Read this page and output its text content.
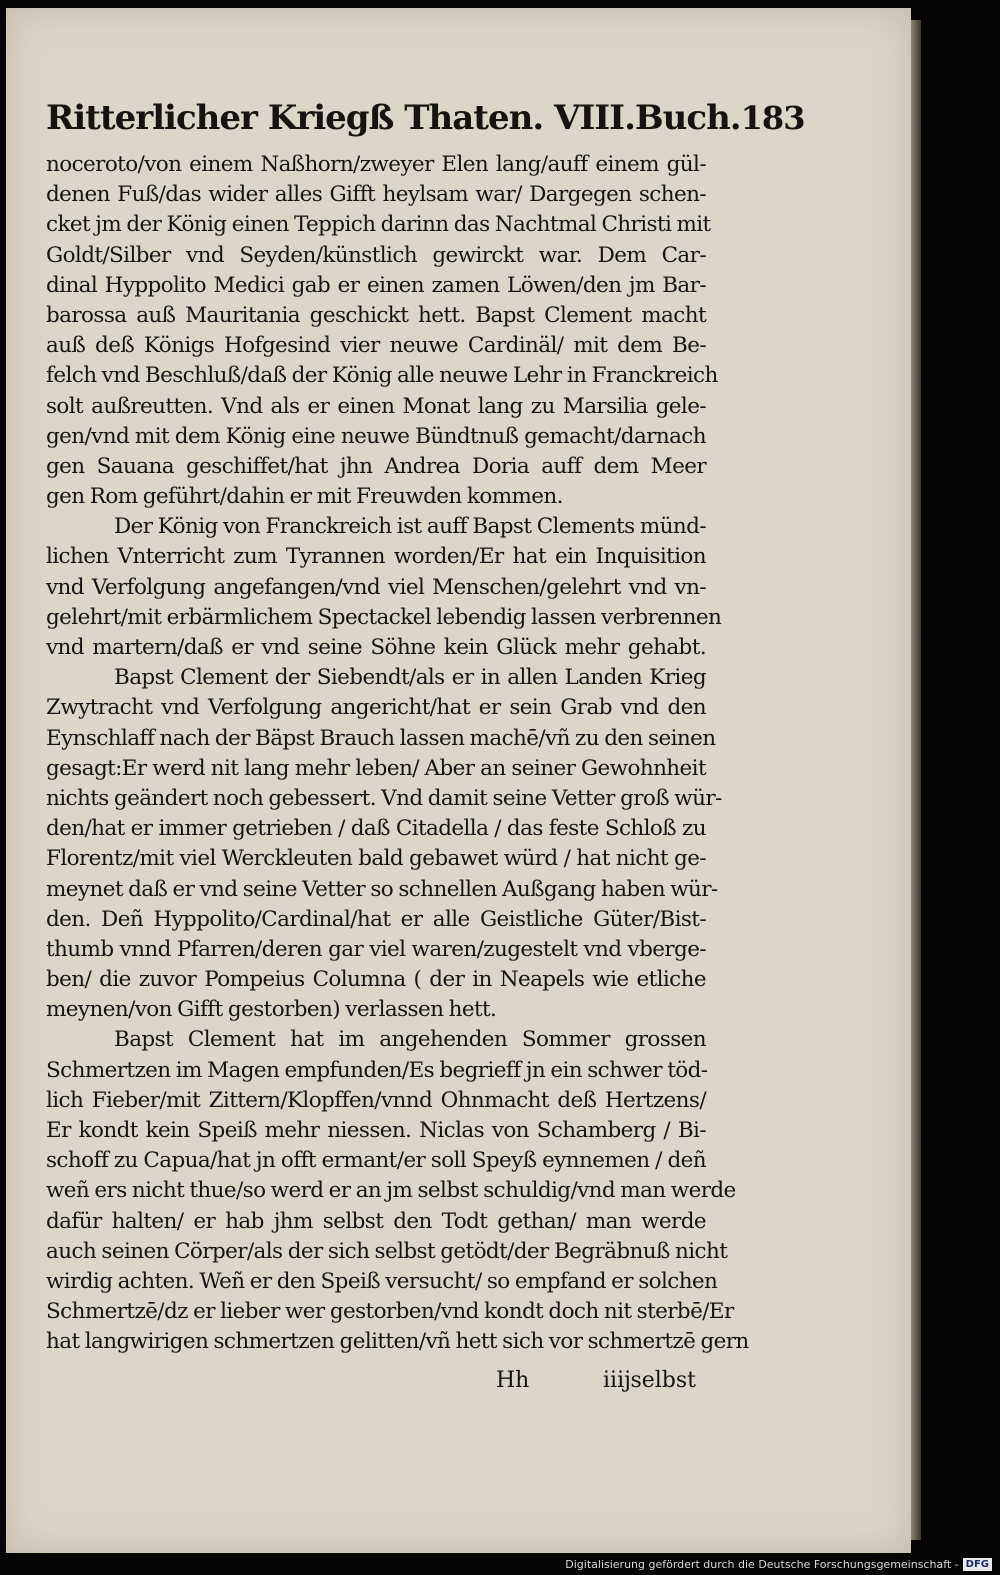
Ritterlicher Kriegß Thaten. VIII.Buch. 183
noceroto/von einem Naßhorn/zweyer Elen lang/auff einem gül-
denen Fuß/das wider alles Gifft heylsam war/ Dargegen schen-
cket jm der König einen Teppich darinn das Nachtmal Christi mit
Goldt/Silber vnd Seyden/künstlich gewirckt war. Dem Car-
dinal Hyppolito Medici gab er einen zamen Löwen/den jm Bar-
barossa auß Mauritania geschickt hett. Bapst Clement macht
auß deß Königs Hofgesind vier neuwe Cardinäl/ mit dem Be-
felch vnd Beschluß/daß der König alle neuwe Lehr in Franckreich
solt außreutten. Vnd als er einen Monat lang zu Marsilia gele-
gen/vnd mit dem König eine neuwe Bündtnuß gemacht/darnach
gen Sauana geschiffet/hat jhn Andrea Doria auff dem Meer
gen Rom geführt/dahin er mit Freuwden kommen.
Der König von Franckreich ist auff Bapst Clements münd-
lichen Vnterricht zum Tyrannen worden/Er hat ein Inquisition
vnd Verfolgung angefangen/vnd viel Menschen/gelehrt vnd vn-
gelehrt/mit erbärmlichem Spectackel lebendig lassen verbrennen
vnd martern/daß er vnd seine Söhne kein Glück mehr gehabt.
Bapst Clement der Siebendt/als er in allen Landen Krieg
Zwytracht vnd Verfolgung angericht/hat er sein Grab vnd den
Eynschlaff nach der Bäpst Brauch lassen machē/vñ zu den seinen
gesagt:Er werd nit lang mehr leben/ Aber an seiner Gewohnheit
nichts geändert noch gebessert. Vnd damit seine Vetter groß wür-
den/hat er immer getrieben / daß Citadella / das feste Schloß zu
Florentz/mit viel Werckleuten bald gebawet würd / hat nicht ge-
meynet daß er vnd seine Vetter so schnellen Außgang haben wür-
den. Deñ Hyppolito/Cardinal/hat er alle Geistliche Güter/Bist-
thumb vnnd Pfarren/deren gar viel waren/zugestelt vnd vberge-
ben/ die zuvor Pompeius Columna ( der in Neapels wie etliche
meynen/von Gifft gestorben) verlassen hett.
Bapst Clement hat im angehenden Sommer grossen
Schmertzen im Magen empfunden/Es begrieff jn ein schwer töd-
lich Fieber/mit Zittern/Klopffen/vnnd Ohnmacht deß Hertzens/
Er kondt kein Speiß mehr niessen. Niclas von Schamberg / Bi-
schoff zu Capua/hat jn offt ermant/er soll Speyß eynnemen / deñ
weñ ers nicht thue/so werd er an jm selbst schuldig/vnd man werde
dafür halten/ er hab jhm selbst den Todt gethan/ man werde
auch seinen Cörper/als der sich selbst getödt/der Begräbnuß nicht
wirdig achten. Weñ er den Speiß versucht/ so empfand er solchen
Schmertzē/dz er lieber wer gestorben/vnd kondt doch nit sterbē/Er
hat langwirigen schmertzen gelitten/vñ hett sich vor schmertzē gern
Hh	iiij selbst
Digitalisierung gefördert durch die Deutsche Forschungsgemeinschaft - DFG
